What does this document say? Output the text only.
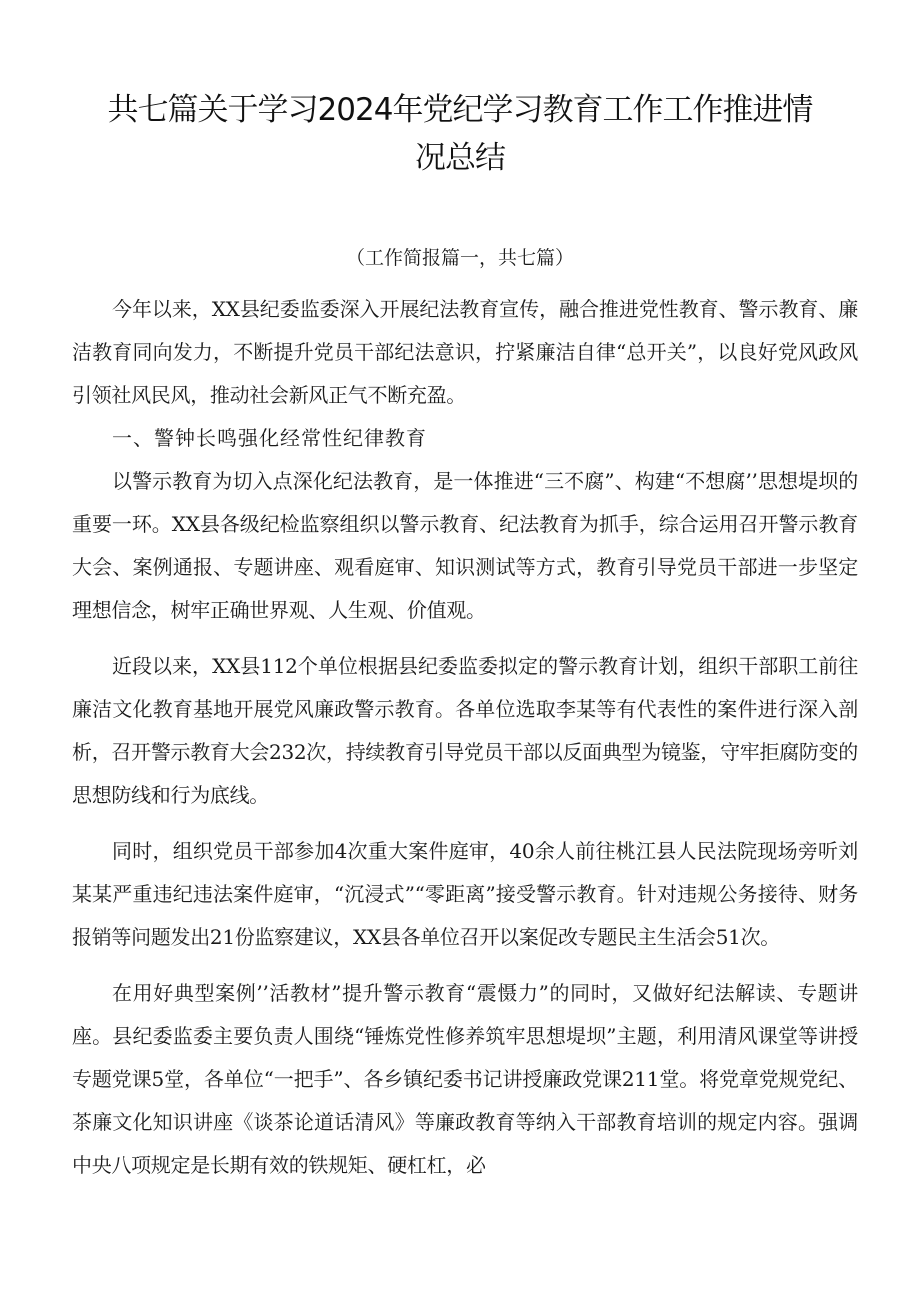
共七篇关于学习2024年党纪学习教育工作工作推进情
况总结

（工作简报篇一，共七篇）

今年以来，XX县纪委监委深入开展纪法教育宣传，融合推进党性教育、警示教育、廉洁教育同向发力，不断提升党员干部纪法意识，拧紧廉洁自律“总开关”，以良好党风政风引领社风民风，推动社会新风正气不断充盈。

一、警钟长鸣强化经常性纪律教育

以警示教育为切入点深化纪法教育，是一体推进“三不腐”、构建“不想腐’’思想堤坝的重要一环。XX县各级纪检监察组织以警示教育、纪法教育为抓手，综合运用召开警示教育大会、案例通报、专题讲座、观看庭审、知识测试等方式，教育引导党员干部进一步坚定理想信念，树牢正确世界观、人生观、价值观。

近段以来，XX县112个单位根据县纪委监委拟定的警示教育计划，组织干部职工前往廉洁文化教育基地开展党风廉政警示教育。各单位选取李某等有代表性的案件进行深入剖析，召开警示教育大会232次，持续教育引导党员干部以反面典型为镜鉴，守牢拒腐防变的思想防线和行为底线。

同时，组织党员干部参加4次重大案件庭审，40余人前往桃江县人民法院现场旁听刘某某严重违纪违法案件庭审，“沉浸式”“零距离”接受警示教育。针对违规公务接待、财务报销等问题发出21份监察建议，XX县各单位召开以案促改专题民主生活会51次。

在用好典型案例’’活教材”提升警示教育“震慑力”的同时，又做好纪法解读、专题讲座。县纪委监委主要负责人围绕“锤炼党性修养筑牢思想堤坝”主题，利用清风课堂等讲授专题党课5堂，各单位“一把手”、各乡镇纪委书记讲授廉政党课211堂。将党章党规党纪、茶廉文化知识讲座《谈茶论道话清风》等廉政教育等纳入干部教育培训的规定内容。强调中央八项规定是长期有效的铁规矩、硬杠杠，必
